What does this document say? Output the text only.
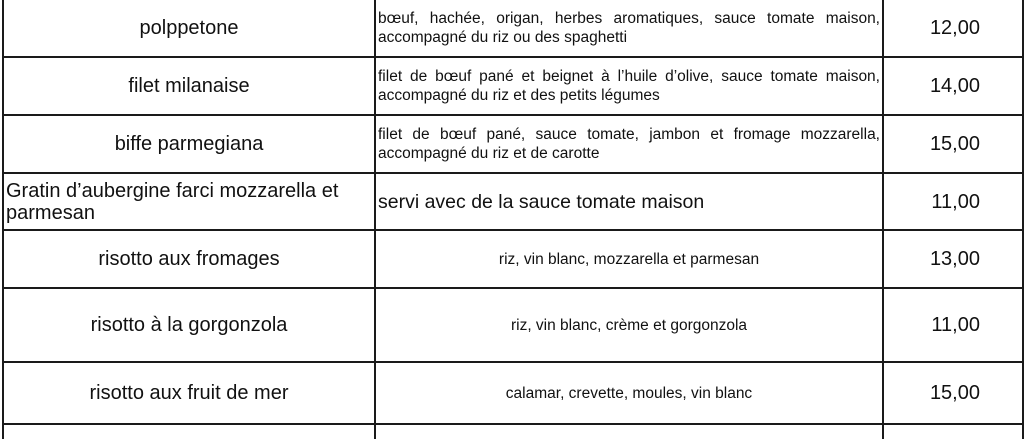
polppetone	bœuf, hachée, origan, herbes aromatiques, sauce tomate maison, accompagné du riz ou des spaghetti	12,00
filet milanaise	filet de bœuf pané et beignet à l’huile d’olive, sauce tomate maison, accompagné du riz et des petits légumes	14,00
biffe parmegiana	filet de bœuf pané, sauce tomate, jambon et fromage mozzarella, accompagné du riz et de carotte	15,00
Gratin d’aubergine farci mozzarella et parmesan	servi avec de la sauce tomate maison	11,00
risotto aux fromages	riz, vin blanc, mozzarella et parmesan	13,00
risotto à la gorgonzola	riz, vin blanc, crème et gorgonzola	11,00
risotto aux fruit de mer	calamar, crevette, moules, vin blanc	15,00
